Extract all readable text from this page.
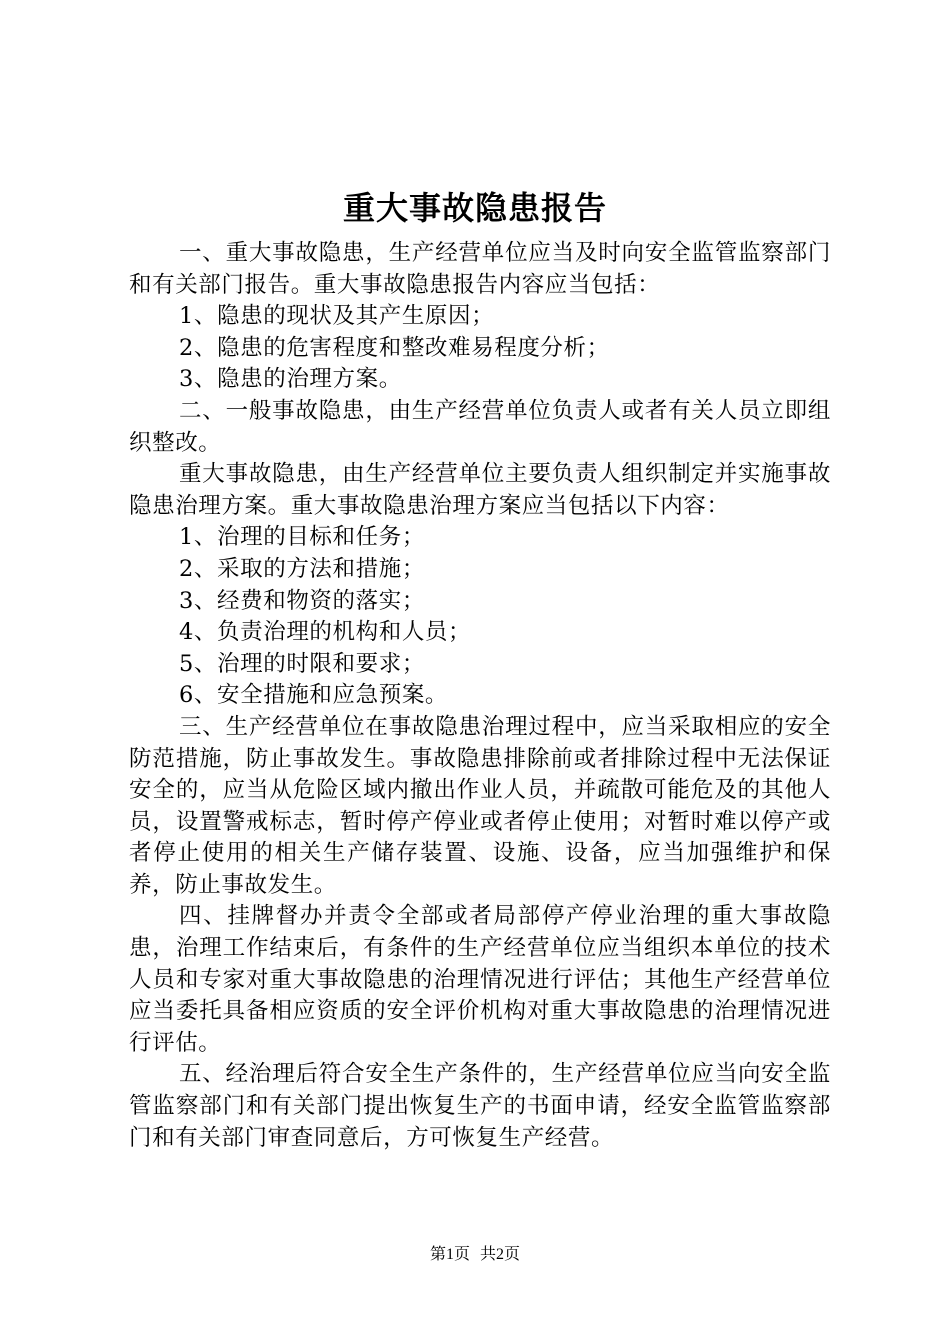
重大事故隐患报告

一、重大事故隐患，生产经营单位应当及时向安全监管监察部门和有关部门报告。重大事故隐患报告内容应当包括：

1、隐患的现状及其产生原因；

2、隐患的危害程度和整改难易程度分析；

3、隐患的治理方案。

二、一般事故隐患，由生产经营单位负责人或者有关人员立即组织整改。

重大事故隐患，由生产经营单位主要负责人组织制定并实施事故隐患治理方案。重大事故隐患治理方案应当包括以下内容：

1、治理的目标和任务；

2、采取的方法和措施；

3、经费和物资的落实；

4、负责治理的机构和人员；

5、治理的时限和要求；

6、安全措施和应急预案。

三、生产经营单位在事故隐患治理过程中，应当采取相应的安全防范措施，防止事故发生。事故隐患排除前或者排除过程中无法保证安全的，应当从危险区域内撤出作业人员，并疏散可能危及的其他人员，设置警戒标志，暂时停产停业或者停止使用；对暂时难以停产或者停止使用的相关生产储存装置、设施、设备，应当加强维护和保养，防止事故发生。

四、挂牌督办并责令全部或者局部停产停业治理的重大事故隐患，治理工作结束后，有条件的生产经营单位应当组织本单位的技术人员和专家对重大事故隐患的治理情况进行评估；其他生产经营单位应当委托具备相应资质的安全评价机构对重大事故隐患的治理情况进行评估。

五、经治理后符合安全生产条件的，生产经营单位应当向安全监管监察部门和有关部门提出恢复生产的书面申请，经安全监管监察部门和有关部门审查同意后，方可恢复生产经营。

第1页 共2页
